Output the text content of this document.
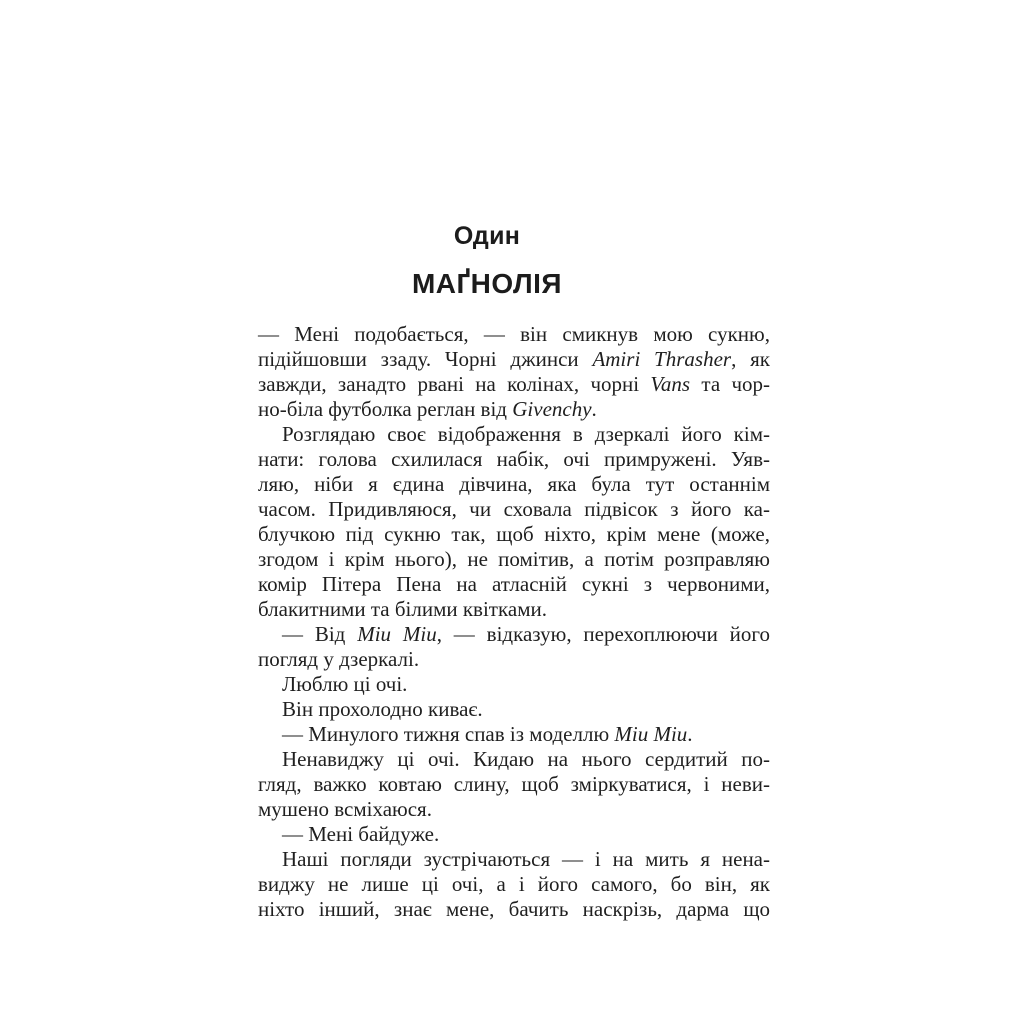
Один
МАҐНОЛІЯ
— Мені подобається, — він смикнув мою сукню,
підійшовши ззаду. Чорні джинси Amiri Thrasher, як
завжди, занадто рвані на колінах, чорні Vans та чор-
но-біла футболка реглан від Givenchy.
Розглядаю своє відображення в дзеркалі його кім-
нати: голова схилилася набік, очі примружені. Уяв-
ляю, ніби я єдина дівчина, яка була тут останнім
часом. Придивляюся, чи сховала підвісок з його ка-
блучкою під сукню так, щоб ніхто, крім мене (може,
згодом і крім нього), не помітив, а потім розправляю
комір Пітера Пена на атласній сукні з червоними,
блакитними та білими квітками.
— Від Miu Miu, — відказую, перехоплюючи його
погляд у дзеркалі.
Люблю ці очі.
Він прохолодно киває.
— Минулого тижня спав із моделлю Miu Miu.
Ненавиджу ці очі. Кидаю на нього сердитий по-
гляд, важко ковтаю слину, щоб зміркуватися, і неви-
мушено всміхаюся.
— Мені байдуже.
Наші погляди зустрічаються — і на мить я нена-
виджу не лише ці очі, а і його самого, бо він, як
ніхто інший, знає мене, бачить наскрізь, дарма що
